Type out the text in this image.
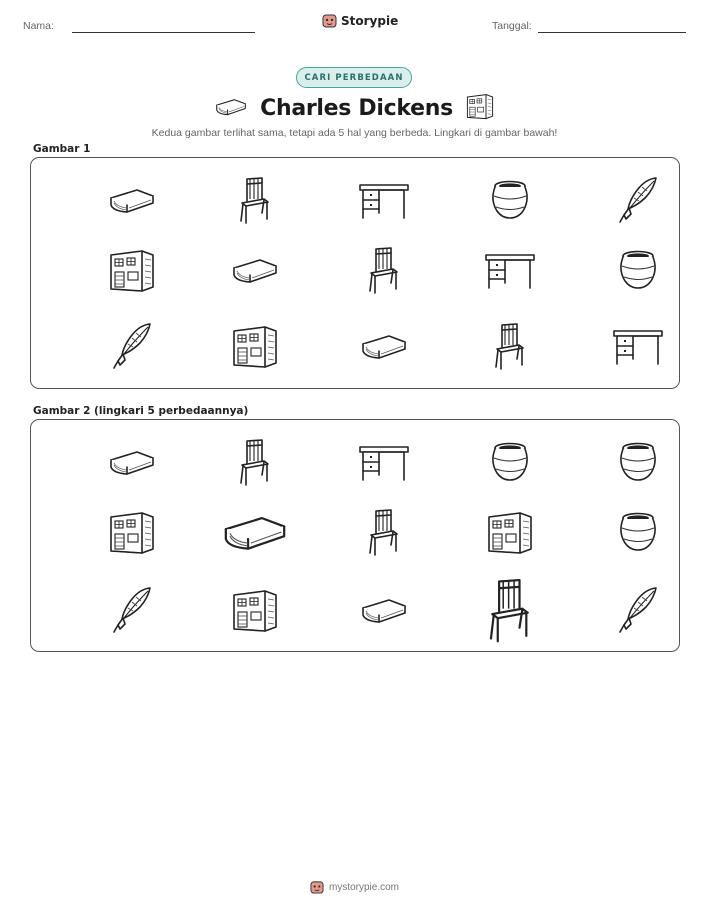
Nama:	Storypie	Tanggal:
CARI PERBEDAAN
Charles Dickens
Kedua gambar terlihat sama, tetapi ada 5 hal yang berbeda. Lingkari di gambar bawah!
Gambar 1
Gambar 2 (lingkari 5 perbedaannya)
mystorypie.com
